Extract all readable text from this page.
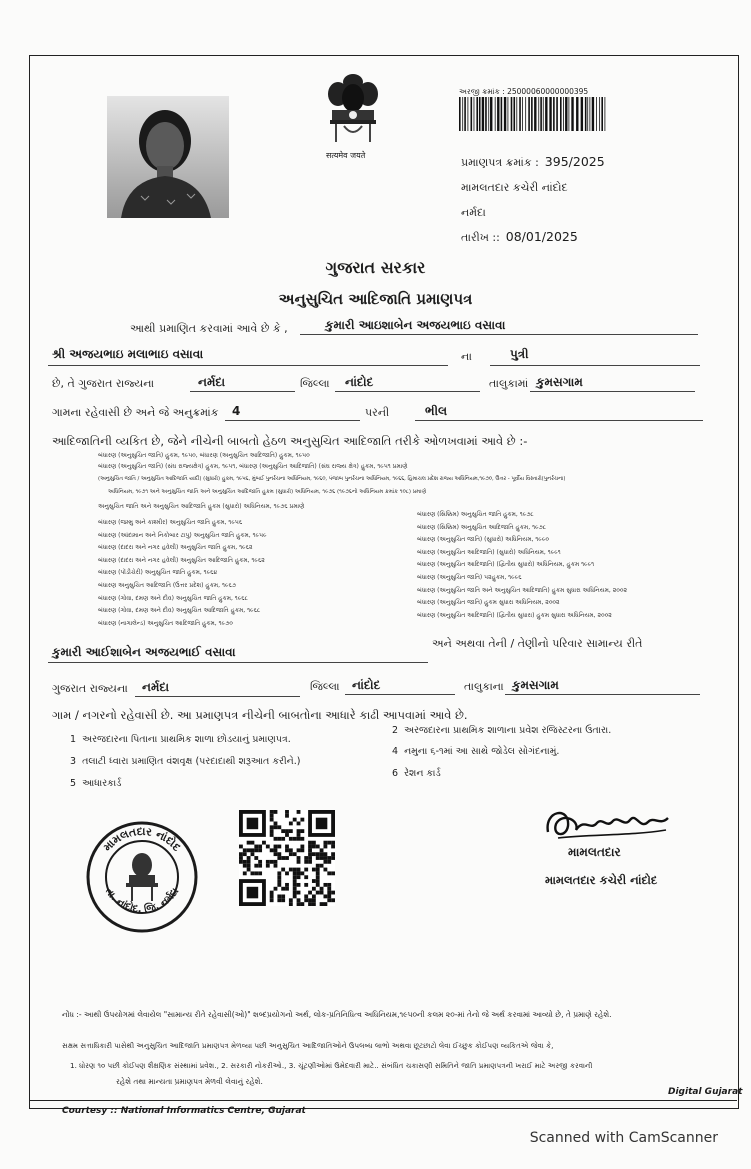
सत्यमेव जयते
અરજી ક્રમાંક : 25000060000000395
પ્રમાણપત્ર ક્રમાંક : 395/2025
મામલતદાર કચેરી નાંદોદ
નર્મદા
તારીખ :: 08/01/2025
ગુજરાત સરકાર
અનુસુચિત આદિજાતિ પ્રમાણપત્ર
આથી પ્રમાણિત કરવામાં આવે છે કે ,	કુમારી આઇશાબેન અજયભાઇ વસાવા
શ્રી અજયભાઇ મલાભાઇ વસાવા	ના	પુત્રી
છે, તે ગુજરાત રાજ્યના	નર્મદા	જિલ્લા નાંદોદ	તાલુકામાં કુમસગામ
ગામના રહેવાસી છે અને જે અનુક્રમાંક 4	પરની	ભીલ
આદિજાતિની વ્યકિત છે, જેને નીચેની બાબતો હેઠળ અનુસુચિત આદિજાતિ તરીકે ઓળખવામાં આવે છે :-
બંધારણ (અનુસુચિત જાતિ) હુકમ, ૧૯૫૦, બંધારણ (અનુસુચિત આદિજાતિ) હુકમ, ૧૯૫૦
બંધારણ (અનુસુચિત જાતિ) (સંઘ રાજ્યક્ષેત્ર) હુકમ, ૧૯૫૧, બંધારણ (અનુસુચિત આદિજાતિ) (સંઘ રાજ્ય ક્ષેત્ર) હુકમ, ૧૯૫૧ પ્રમાણે
(અનુસુચિત જાતિ / અનુસુચિત આદિજાતિ યાદી) (સુધારો) હુકમ, ૧૯૫૬, મુંબઈ પુનર્રચના અધિનિયમ, ૧૯૬૦, પંજાબ પુનર્રચના અધિનિયમ, ૧૯૬૬, હિમાચલ પ્રદેશ રાજ્ય અધિનિયમ,૧૯૭૦, ઉત્તર - પૂર્વીય વિસ્તારો(પુનર્રચના)
અધિનિયમ, ૧૯૭૧ અને અનુસુચિત જાતિ અને અનુસુચિત આદિજાતિ હુકમ (સુધારો) અધિનિયમ, ૧૯૭૬ (૧૯૭૬નો અધિનિયમ ક્રમાંક ૧૦૮) પ્રમાણે
અનુસુચિત જાતિ અને અનુસુચિત આદિજાતિ હુકમ (સુધારો) અધિનિયમ, ૧૯૭૬ પ્રમાણે
બંધારણ (જમ્મુ અને કાશ્મીર) અનુસુચિત જાતિ હુકમ, ૧૯૫૬
બંધારણ (આંદામાન અને નિકોબાર ટાપુ) અનુસુચિત જાતિ હુકમ, ૧૯૫૯
બંધારણ (દાદરા અને નગર હવેલી) અનુસુચિત જાતિ હુકમ, ૧૯૬૨
બંધારણ (દાદરા અને નગર હવેલી) અનુસુચિત આદિજાતિ હુકમ, ૧૯૬૨
બંધારણ (પોંડીચેરી) અનુસુચિત જાતિ હુકમ, ૧૯૬૪
બંધારણ અનુસુચિત આદિજાતિ (ઉત્તર પ્રદેશ) હુકમ, ૧૯૬૭
બંધારણ (ગોવા, દમણ અને દીવ) અનુસુચિત જાતિ હુકમ, ૧૯૬૮
બંધારણ (ગોવા, દમણ અને દીવ) અનુસુચિત આદિજાતિ હુકમ, ૧૯૬૮
બંધારણ (નાગાલેન્ડ) અનુસુચિત આદિજાતિ હુકમ, ૧૯૭૦
બંધારણ (સિક્કિમ) અનુસુચિત જાતિ હુકમ, ૧૯૭૮
બંધારણ (સિક્કિમ) અનુસુચિત આદિજાતિ હુકમ, ૧૯૭૮
બંધારણ (અનુસુચિત જાતિ) (સુધારો) અધિનિયમ, ૧૯૯૦
બંધારણ (અનુસુચિત આદિજાતિ) (સુધારો) અધિનિયમ, ૧૯૯૧
બંધારણ (અનુસુચિત આદિજાતિ) (દ્વિતીય સુધારો) અધિનિયમ, હુકમ ૧૯૯૧
બંધારણ (અનુસુચિત જાતિ) ૫૨હુકમ, ૧૯૯૬
બંધારણ (અનુસુચિત જાતિ અને અનુસુચિત આદિજાતિ) હુકમ સુધારા અધિનિયમ, ૨૦૦૨
બંધારણ (અનુસુચિત જાતિ) હુકમ સુધારા અધિનિયમ, ૨૦૦૨
બંધારણ (અનુસુચિત આદિજાતિ) (દ્વિતીય સુધારા) હુકમ સુધારા અધિનિયમ, ૨૦૦૨
અને અથવા તેની / તેણીનો પરિવાર સામાન્ય રીતે
કુમારી આઈશાબેન અજયભાઈ વસાવા
ગુજરાત રાજ્યના નર્મદા	જિલ્લા નાંદોદ	તાલુકાના કુમસગામ
ગામ / નગરનો રહેવાસી છે. આ પ્રમાણપત્ર નીચેની બાબતોના આધારે કાઢી આપવામાં આવે છે.
1 અરજદારના પિતાના પ્રાથમિક શાળા છોડયાનું પ્રમાણપત્ર.
2 અરજદારના પ્રાથમિક શાળાના પ્રવેશ રજિસ્ટરના ઉતારા.
3 તલાટી ધ્વારા પ્રમાણિત વંશવૃક્ષ (પરદાદાથી શરૂઆત કરીને.)
4 નમુના ૬-૧માં આ સાથે જોડેલ સોગંદનામું.
5 આધારકાર્ડ
6 રેશન કાર્ડ
મામલતદાર નાંદોદ
તા. નાંદોદ, જિ. નર્મદા
મામલતદાર
મામલતદાર કચેરી નાંદોદ
નોંધ :- આથી ઉપયોગમાં લેવાયેલ "સામાન્ય રીતે રહેવાસી(ઓ)" શબ્દપ્રયોગનો અર્થ, લોક-પ્રતિનિધિત્વ અધિનિયમ,૧૯૫૦ની કલમ ૨૦-માં તેનો જે અર્થ કરવામાં આવ્યો છે, તે પ્રમાણે રહેશે.
સક્ષમ સત્તાધિકારી પાસેથી અનુસુચિત આદિજાતિ પ્રમાણપત્ર મેળવ્યા પછી અનુસુચિત આદિજાતિઓને ઉપલબ્ધ લાભો અથવા છૂટછાટો લેવા ઈચ્છુક કોઈપણ વ્યકિતએ જેવા કે,
1. ધોરણ ૧૦ પછી કોઈપણ શૈક્ષણિક સંસ્થામાં પ્રવેશ., 2. સરકારી નોકરીઓ., 3. ચૂંટણીઓમાં ઉમેદવારી માટે.. સંબંધિત ચકાસણી સમિતિને જાતિ પ્રમાણપત્રની ખરાઈ માટે અરજી કરવાની
રહેશે તથા માન્યતા પ્રમાણપત્ર મેળવી લેવાનું રહેશે.
Digital Gujarat
Courtesy :: National Informatics Centre, Gujarat
Scanned with CamScanner
